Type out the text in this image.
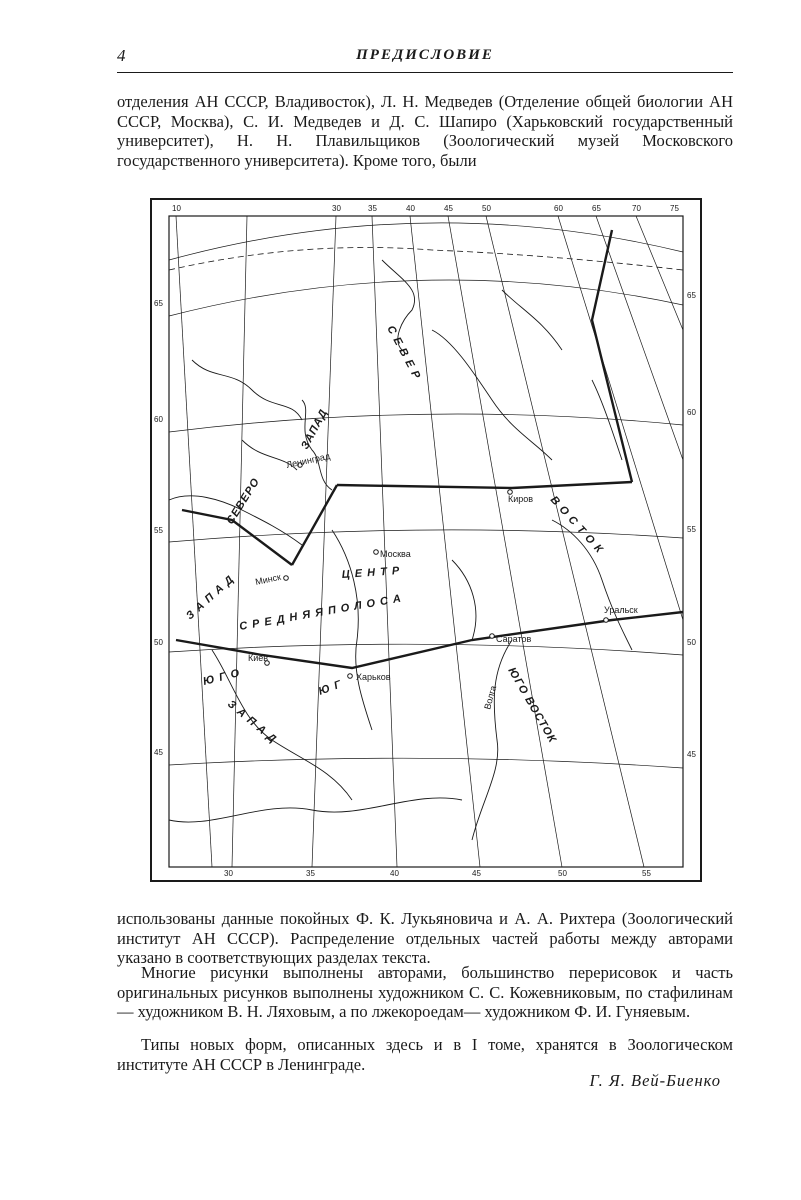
4	ПРЕДИСЛОВИЕ

отделения АН СССР, Владивосток), Л. Н. Медведев (Отделение общей биологии АН СССР, Москва), С. И. Медведев и Д. С. Шапиро (Харьковский государственный университет), Н. Н. Плавильщиков (Зоологический музей Московского государственного университета). Кроме того, были

10	30	35	40	45	50	60	65	70	75
30	35	40	45	50	55
65
60
55
50
45
65
60
55
50
45
Ленинград
Киров
Москва
Минск
Уральск
Саратов
Киев
Харьков
Волга
С Е В Е Р
СЕВЕРО
ЗАПАД
В О С Т О К
Ц Е Н Т Р
З А П А Д С Р Е Д Н Я Я П О Л О С А
Ю Г О
З А П А Д	ЮГО ВОСТОК
Ю Г

использованы данные покойных Ф. К. Лукьяновича и А. А. Рихтера (Зоологический институт АН СССР). Распределение отдельных частей работы между авторами указано в соответствующих разделах текста.

Многие рисунки выполнены авторами, большинство перерисовок и часть оригинальных рисунков выполнены художником С. С. Кожевниковым, по стафилинам — художником В. Н. Ляховым, а по лжекороедам— художником Ф. И. Гуняевым.

Типы новых форм, описанных здесь и в I томе, хранятся в Зоологическом институте АН СССР в Ленинграде.

Г. Я. Вей-Биенко
